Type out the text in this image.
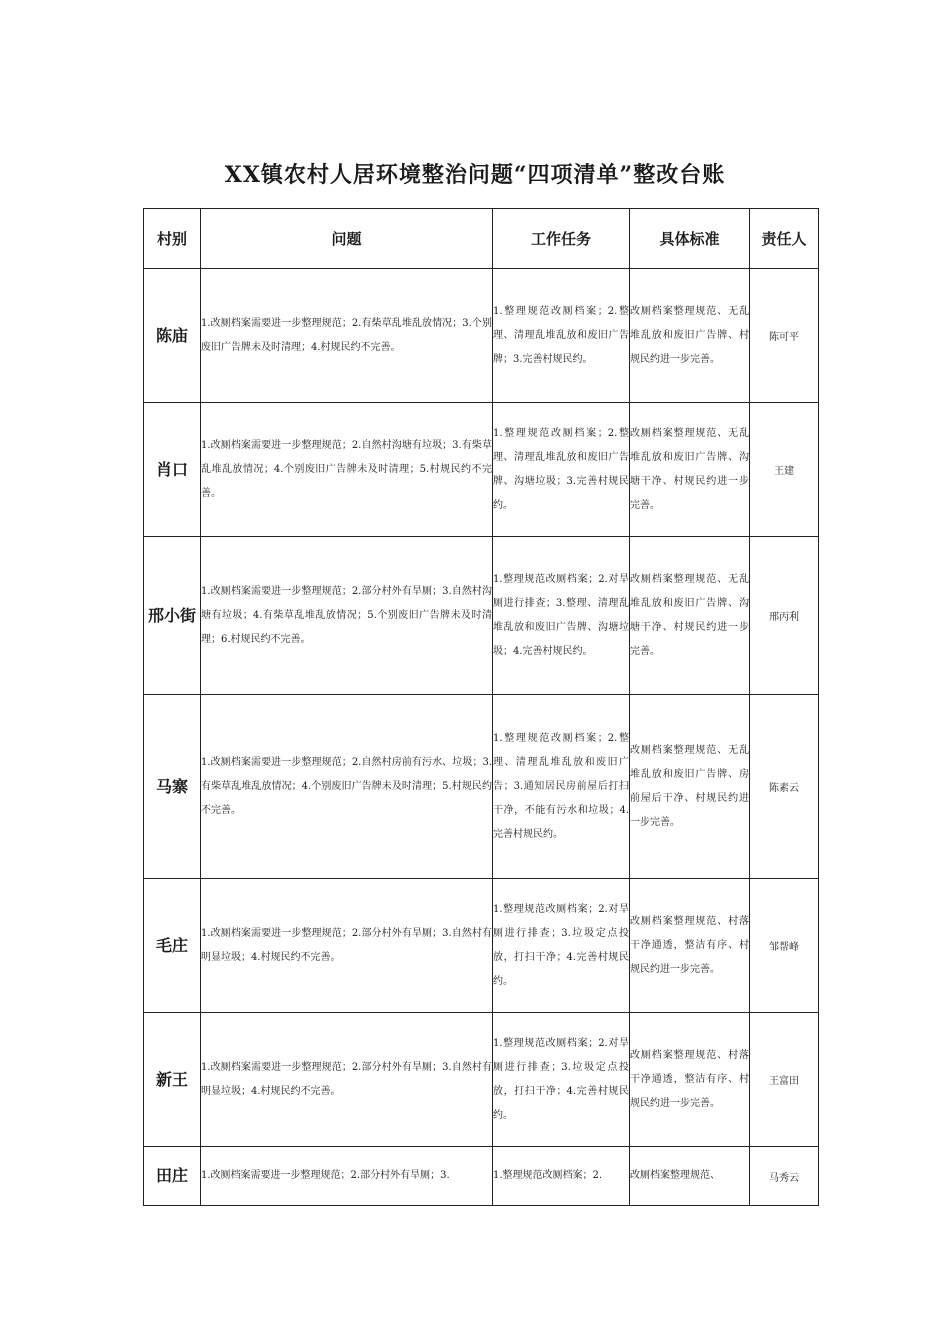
XX镇农村人居环境整治问题“四项清单”整改台账
村别	问题	工作任务	具体标准	责任人
陈庙	1.改厕档案需要进一步整理规范；2.有柴草乱堆乱放情况；3.个别废旧广告牌未及时清理；4.村规民约不完善。	1.整理规范改厕档案；2.整理、清理乱堆乱放和废旧广告牌；3.完善村规民约。	改厕档案整理规范、无乱堆乱放和废旧广告牌、村规民约进一步完善。	陈可平
肖口	1.改厕档案需要进一步整理规范；2.自然村沟塘有垃圾；3.有柴草乱堆乱放情况；4.个别废旧广告牌未及时清理；5.村规民约不完善。	1.整理规范改厕档案；2.整理、清理乱堆乱放和废旧广告牌、沟塘垃圾；3.完善村规民约。	改厕档案整理规范、无乱堆乱放和废旧广告牌、沟塘干净、村规民约进一步完善。	王建
邢小街	1.改厕档案需要进一步整理规范；2.部分村外有旱厕；3.自然村沟塘有垃圾；4.有柴草乱堆乱放情况；5.个别废旧广告牌未及时清理；6.村规民约不完善。	1.整理规范改厕档案；2.对旱厕进行排查；3.整理、清理乱堆乱放和废旧广告牌、沟塘垃圾；4.完善村规民约。	改厕档案整理规范、无乱堆乱放和废旧广告牌、沟塘干净、村规民约进一步完善。	邢丙利
马寨	1.改厕档案需要进一步整理规范；2.自然村房前有污水、垃圾；3.有柴草乱堆乱放情况；4.个别废旧广告牌未及时清理；5.村规民约不完善。	1.整理规范改厕档案；2.整理、清理乱堆乱放和废旧广告；3.通知居民房前屋后打扫干净，不能有污水和垃圾；4.完善村规民约。	改厕档案整理规范、无乱堆乱放和废旧广告牌、房前屋后干净、村规民约进一步完善。	陈素云
毛庄	1.改厕档案需要进一步整理规范；2.部分村外有旱厕；3.自然村有明显垃圾；4.村规民约不完善。	1.整理规范改厕档案；2.对旱厕进行排查；3.垃圾定点投放，打扫干净；4.完善村规民约。	改厕档案整理规范、村落干净通透，整洁有序、村规民约进一步完善。	邹帮峰
新王	1.改厕档案需要进一步整理规范；2.部分村外有旱厕；3.自然村有明显垃圾；4.村规民约不完善。	1.整理规范改厕档案；2.对旱厕进行排查；3.垃圾定点投放，打扫干净；4.完善村规民约。	改厕档案整理规范、村落干净通透，整洁有序、村规民约进一步完善。	王富田
田庄	1.改厕档案需要进一步整理规范；2.部分村外有旱厕；3.	1.整理规范改厕档案；2.	改厕档案整理规范、	马秀云
